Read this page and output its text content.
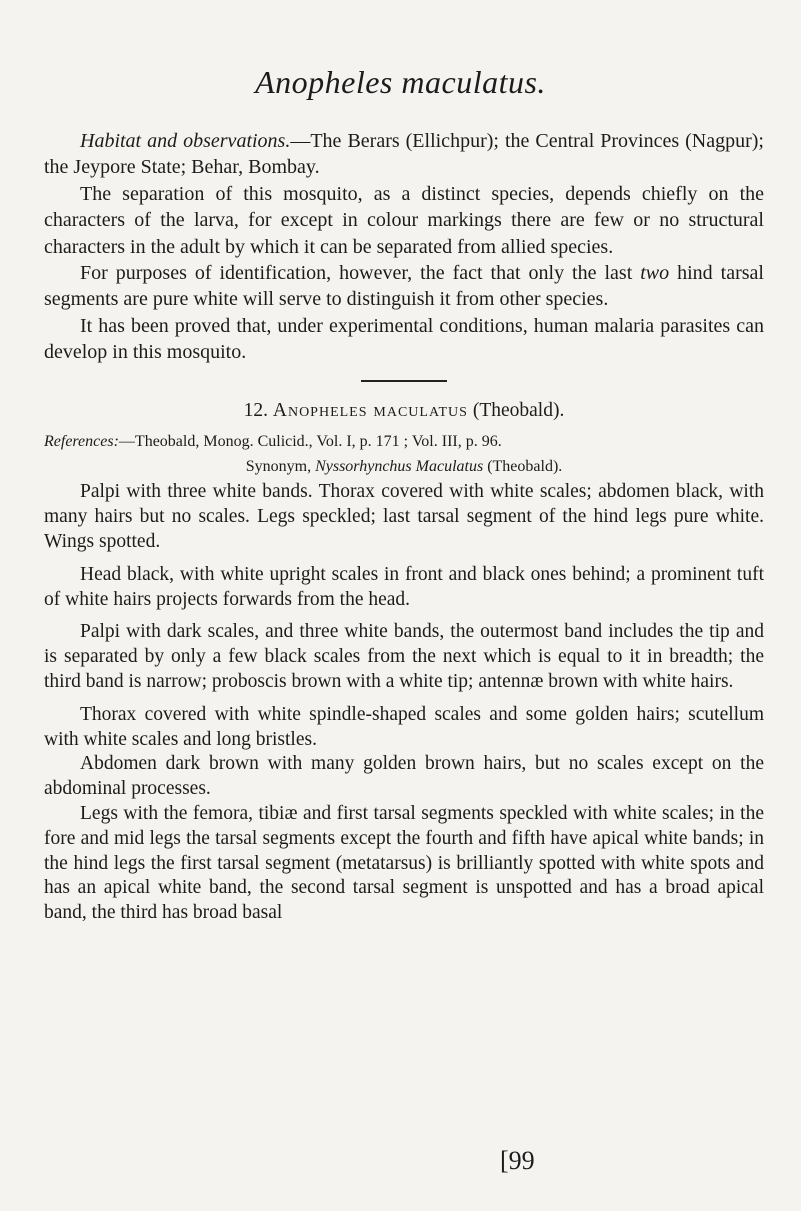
Anopheles maculatus.

Habitat and observations.—The Berars (Ellichpur); the Central Provinces (Nagpur); the Jeypore State; Behar, Bombay.

The separation of this mosquito, as a distinct species, depends chiefly on the characters of the larva, for except in colour markings there are few or no structural characters in the adult by which it can be separated from allied species.

For purposes of identification, however, the fact that only the last two hind tarsal segments are pure white will serve to distinguish it from other species.

It has been proved that, under experimental conditions, human malaria parasites can develop in this mosquito.

12. Anopheles maculatus (Theobald).

References:—Theobald, Monog. Culicid., Vol. I, p. 171 ; Vol. III, p. 96.

Synonym, Nyssorhynchus Maculatus (Theobald).

Palpi with three white bands. Thorax covered with white scales; abdomen black, with many hairs but no scales. Legs speckled; last tarsal segment of the hind legs pure white. Wings spotted.

Head black, with white upright scales in front and black ones behind; a prominent tuft of white hairs projects forwards from the head.

Palpi with dark scales, and three white bands, the outermost band includes the tip and is separated by only a few black scales from the next which is equal to it in breadth; the third band is narrow; proboscis brown with a white tip; antennæ brown with white hairs.

Thorax covered with white spindle-shaped scales and some golden hairs; scutellum with white scales and long bristles.

Abdomen dark brown with many golden brown hairs, but no scales except on the abdominal processes.

Legs with the femora, tibiæ and first tarsal segments speckled with white scales; in the fore and mid legs the tarsal segments except the fourth and fifth have apical white bands; in the hind legs the first tarsal segment (metatarsus) is brilliantly spotted with white spots and has an apical white band, the second tarsal segment is unspotted and has a broad apical band, the third has broad basal

[99
